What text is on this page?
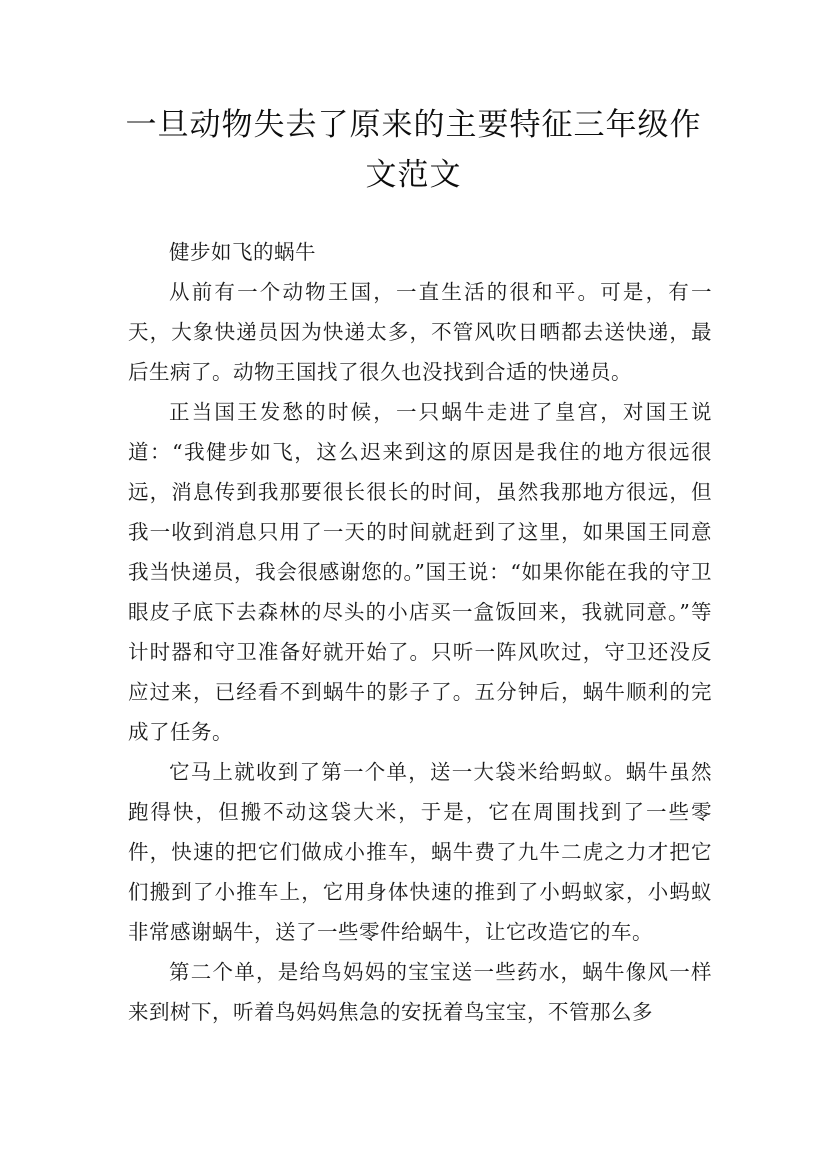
一旦动物失去了原来的主要特征三年级作
文范文

健步如飞的蜗牛

从前有一个动物王国，一直生活的很和平。可是，有一天，大象快递员因为快递太多，不管风吹日晒都去送快递，最后生病了。动物王国找了很久也没找到合适的快递员。

正当国王发愁的时候，一只蜗牛走进了皇宫，对国王说道：“我健步如飞，这么迟来到这的原因是我住的地方很远很远，消息传到我那要很长很长的时间，虽然我那地方很远，但我一收到消息只用了一天的时间就赶到了这里，如果国王同意我当快递员，我会很感谢您的。”国王说：“如果你能在我的守卫眼皮子底下去森林的尽头的小店买一盒饭回来，我就同意。”等计时器和守卫准备好就开始了。只听一阵风吹过，守卫还没反应过来，已经看不到蜗牛的影子了。五分钟后，蜗牛顺利的完成了任务。

它马上就收到了第一个单，送一大袋米给蚂蚁。蜗牛虽然跑得快，但搬不动这袋大米，于是，它在周围找到了一些零件，快速的把它们做成小推车，蜗牛费了九牛二虎之力才把它们搬到了小推车上，它用身体快速的推到了小蚂蚁家，小蚂蚁非常感谢蜗牛，送了一些零件给蜗牛，让它改造它的车。

第二个单，是给鸟妈妈的宝宝送一些药水，蜗牛像风一样来到树下，听着鸟妈妈焦急的安抚着鸟宝宝，不管那么多
